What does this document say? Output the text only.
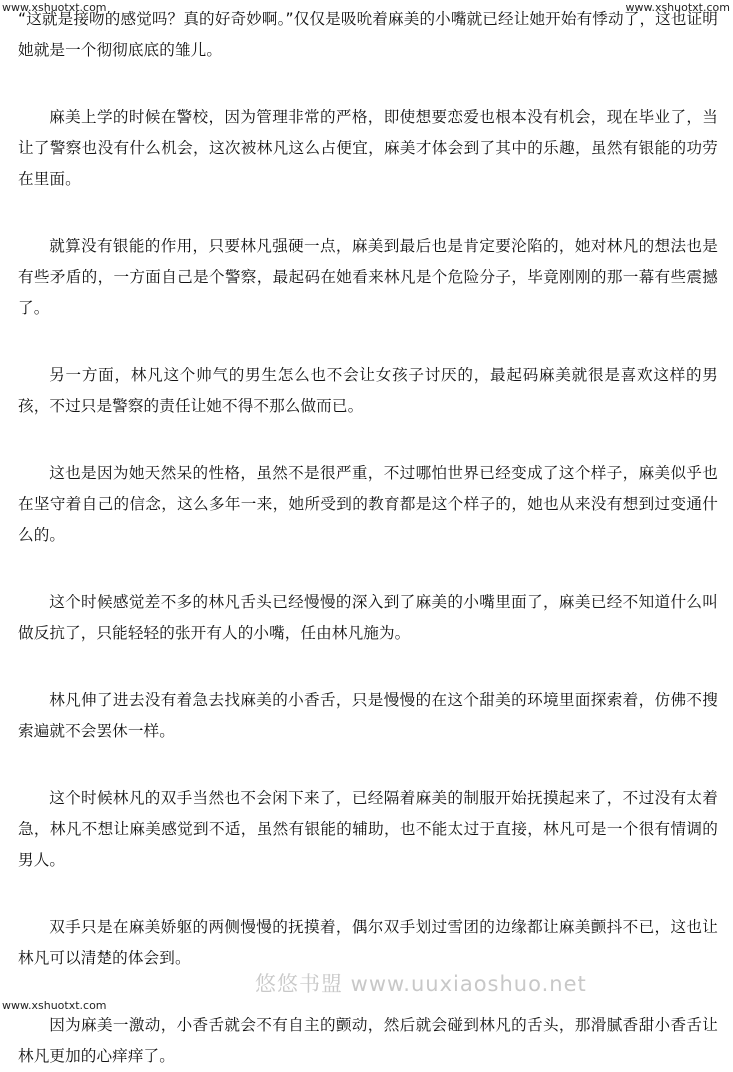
www.xshuotxt.com	www.xshuotxt.com

“这就是接吻的感觉吗？真的好奇妙啊。”仅仅是吸吮着麻美的小嘴就已经让她开始有悸动了，这也证明她就是一个彻彻底底的雏儿。

麻美上学的时候在警校，因为管理非常的严格，即使想要恋爱也根本没有机会，现在毕业了，当让了警察也没有什么机会，这次被林凡这么占便宜，麻美才体会到了其中的乐趣，虽然有银能的功劳在里面。

就算没有银能的作用，只要林凡强硬一点，麻美到最后也是肯定要沦陷的，她对林凡的想法也是有些矛盾的，一方面自己是个警察，最起码在她看来林凡是个危险分子，毕竟刚刚的那一幕有些震撼了。

另一方面，林凡这个帅气的男生怎么也不会让女孩子讨厌的，最起码麻美就很是喜欢这样的男孩，不过只是警察的责任让她不得不那么做而已。

这也是因为她天然呆的性格，虽然不是很严重，不过哪怕世界已经变成了这个样子，麻美似乎也在坚守着自己的信念，这么多年一来，她所受到的教育都是这个样子的，她也从来没有想到过变通什么的。

这个时候感觉差不多的林凡舌头已经慢慢的深入到了麻美的小嘴里面了，麻美已经不知道什么叫做反抗了，只能轻轻的张开有人的小嘴，任由林凡施为。

林凡伸了进去没有着急去找麻美的小香舌，只是慢慢的在这个甜美的环境里面探索着，仿佛不搜索遍就不会罢休一样。

这个时候林凡的双手当然也不会闲下来了，已经隔着麻美的制服开始抚摸起来了，不过没有太着急，林凡不想让麻美感觉到不适，虽然有银能的辅助，也不能太过于直接，林凡可是一个很有情调的男人。

双手只是在麻美娇躯的两侧慢慢的抚摸着，偶尔双手划过雪团的边缘都让麻美颤抖不已，这也让林凡可以清楚的体会到。

因为麻美一激动，小香舌就会不有自主的颤动，然后就会碰到林凡的舌头，那滑腻香甜小香舌让林凡更加的心痒痒了。

悠悠书盟 www.uuxiaoshuo.net
www.xshuotxt.com
